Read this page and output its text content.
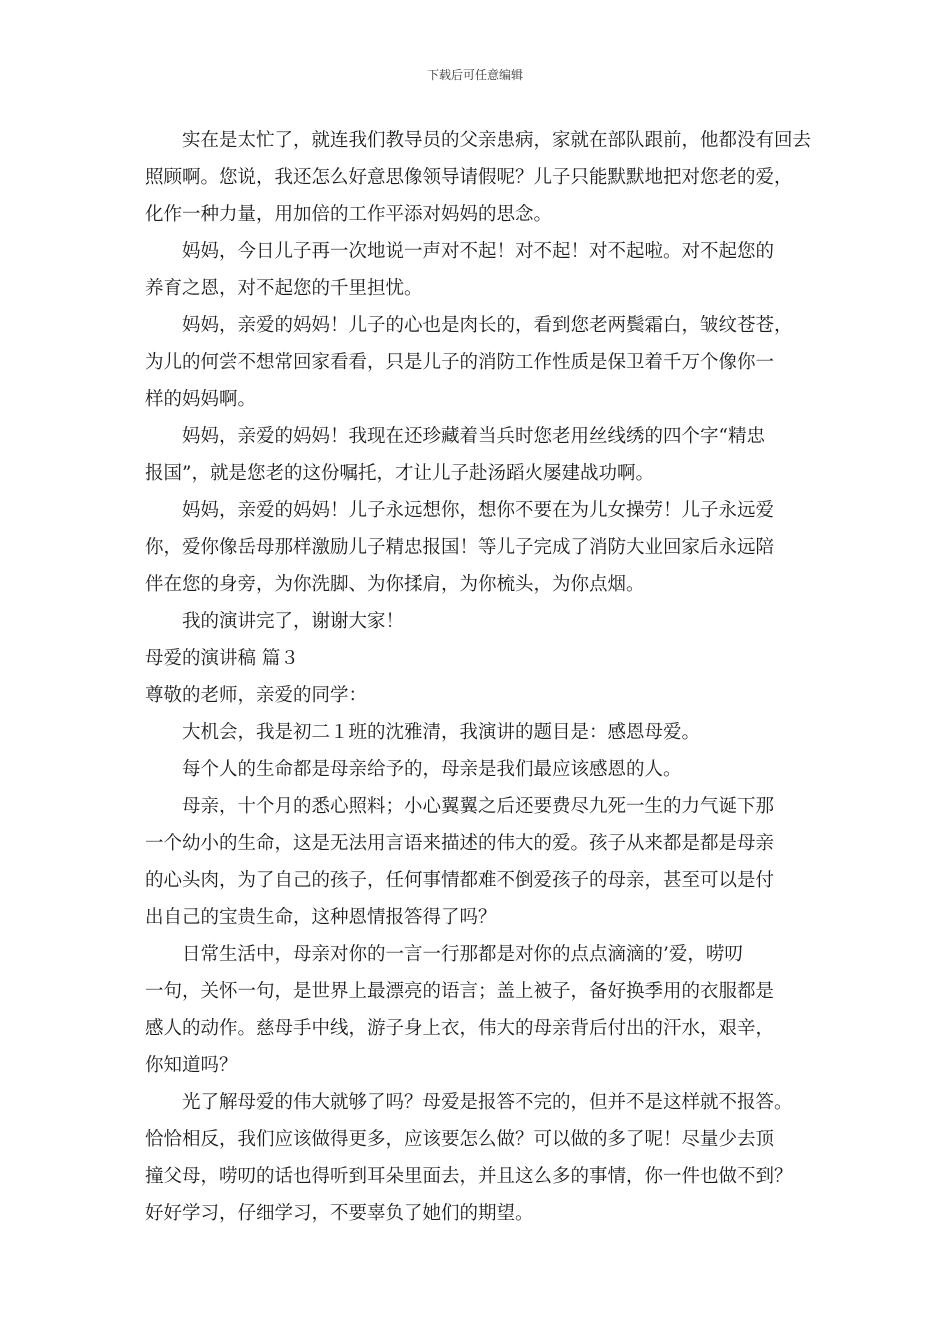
下载后可任意编辑

实在是太忙了，就连我们教导员的父亲患病，家就在部队跟前，他都没有回去
照顾啊。您说，我还怎么好意思像领导请假呢？儿子只能默默地把对您老的爱，
化作一种力量，用加倍的工作平添对妈妈的思念。

妈妈，今日儿子再一次地说一声对不起！对不起！对不起啦。对不起您的
养育之恩，对不起您的千里担忧。

妈妈，亲爱的妈妈！儿子的心也是肉长的，看到您老两鬓霜白，皱纹苍苍，
为儿的何尝不想常回家看看，只是儿子的消防工作性质是保卫着千万个像你一
样的妈妈啊。

妈妈，亲爱的妈妈！我现在还珍藏着当兵时您老用丝线绣的四个字“精忠
报国”，就是您老的这份嘱托，才让儿子赴汤蹈火屡建战功啊。

妈妈，亲爱的妈妈！儿子永远想你，想你不要在为儿女操劳！儿子永远爱
你，爱你像岳母那样激励儿子精忠报国！等儿子完成了消防大业回家后永远陪
伴在您的身旁，为你洗脚、为你揉肩，为你梳头，为你点烟。

我的演讲完了，谢谢大家！

母爱的演讲稿 篇３

尊敬的老师，亲爱的同学：

大机会，我是初二１班的沈雅清，我演讲的题目是：感恩母爱。

每个人的生命都是母亲给予的，母亲是我们最应该感恩的人。

母亲，十个月的悉心照料；小心翼翼之后还要费尽九死一生的力气诞下那
一个幼小的生命，这是无法用言语来描述的伟大的爱。孩子从来都是都是母亲
的心头肉，为了自己的孩子，任何事情都难不倒爱孩子的母亲，甚至可以是付
出自己的宝贵生命，这种恩情报答得了吗？

日常生活中，母亲对你的一言一行那都是对你的点点滴滴的’爱，唠叨
一句，关怀一句，是世界上最漂亮的语言；盖上被子，备好换季用的衣服都是
感人的动作。慈母手中线，游子身上衣，伟大的母亲背后付出的汗水，艰辛，
你知道吗？

光了解母爱的伟大就够了吗？母爱是报答不完的，但并不是这样就不报答。
恰恰相反，我们应该做得更多，应该要怎么做？可以做的多了呢！尽量少去顶
撞父母，唠叨的话也得听到耳朵里面去，并且这么多的事情，你一件也做不到？
好好学习，仔细学习，不要辜负了她们的期望。
